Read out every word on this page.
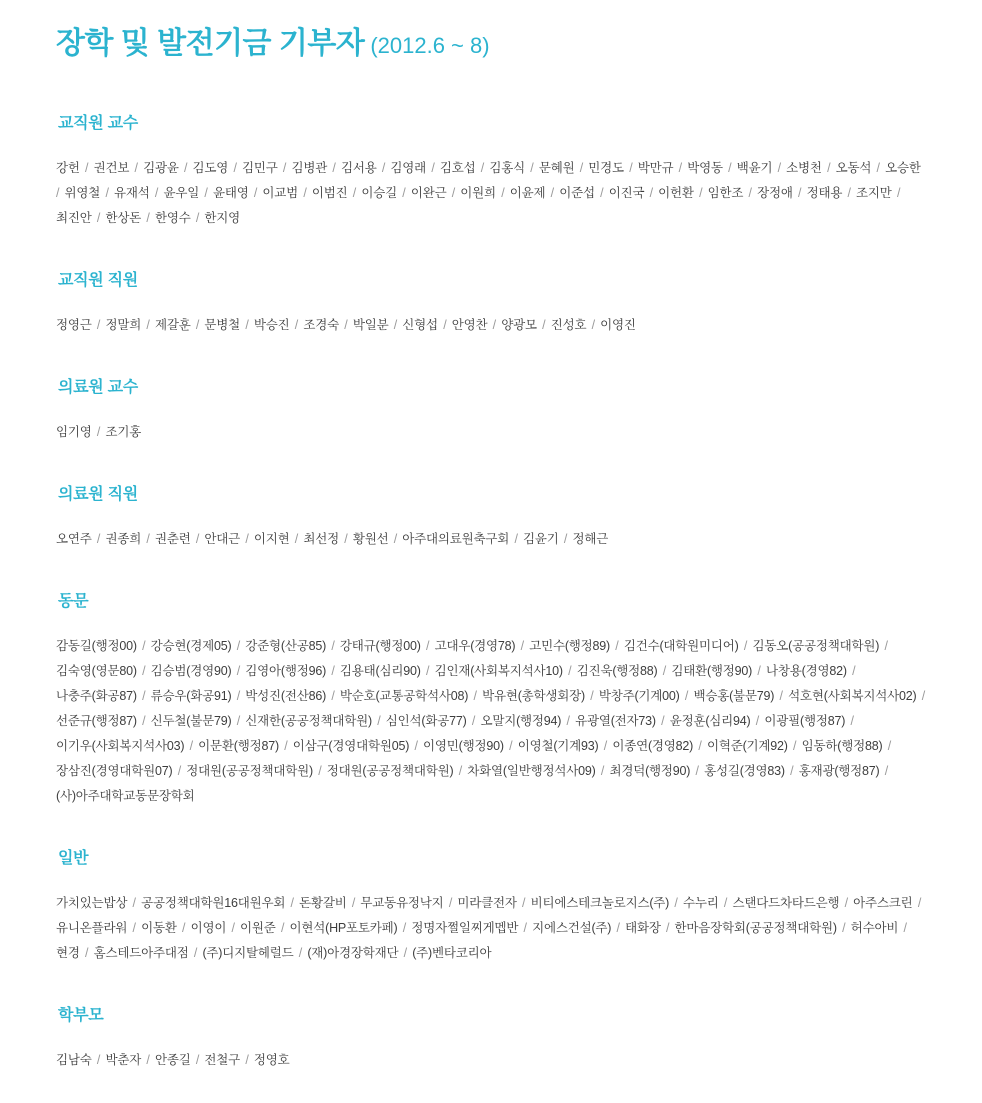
장학 및 발전기금 기부자 (2012.6 ~ 8)
교직원 교수
강헌 / 권건보 / 김광윤 / 김도영 / 김민구 / 김병관 / 김서용 / 김영래 / 김호섭 / 김홍식 / 문혜원 / 민경도 / 박만규 / 박영동 / 백윤기 / 소병천 / 오동석 / 오승한 / 위영철 / 유재석 / 윤우일 / 윤태영 / 이교범 / 이범진 / 이승길 / 이완근 / 이원희 / 이윤제 / 이준섭 / 이진국 / 이헌환 / 임한조 / 장정애 / 정태용 / 조지만 / 최진안 / 한상돈 / 한영수 / 한지영
교직원 직원
정영근 / 정말희 / 제갈훈 / 문병철 / 박승진 / 조경숙 / 박일분 / 신형섭 / 안영찬 / 양광모 / 진성호 / 이영진
의료원 교수
임기영 / 조기홍
의료원 직원
오연주 / 권종희 / 권춘련 / 안대근 / 이지현 / 최선정 / 황원선 / 아주대의료원축구회 / 김윤기 / 정해근
동문
감동길(행정00) / 강승현(경제05) / 강준형(산공85) / 강태규(행정00) / 고대우(경영78) / 고민수(행정89) / 김건수(대학원미디어) / 김동오(공공정책대학원) / 김숙영(영문80) / 김승범(경영90) / 김영아(행정96) / 김용태(심리90) / 김인재(사회복지석사10) / 김진욱(행정88) / 김태환(행정90) / 나창용(경영82) / 나충주(화공87) / 류승우(화공91) / 박성진(전산86) / 박순호(교통공학석사08) / 박유현(총학생회장) / 박창주(기계00) / 백승홍(불문79) / 석호현(사회복지석사02) / 선준규(행정87) / 신두철(불문79) / 신재한(공공정책대학원) / 심인석(화공77) / 오말지(행정94) / 유광열(전자73) / 윤정훈(심리94) / 이광필(행정87) / 이기우(사회복지석사03) / 이문환(행정87) / 이삼구(경영대학원05) / 이영민(행정90) / 이영철(기계93) / 이종연(경영82) / 이혁준(기계92) / 임동하(행정88) / 장삼진(경영대학원07) / 정대원(공공정책대학원) / 정대원(공공정책대학원) / 차화열(일반행정석사09) / 최경덕(행정90) / 홍성길(경영83) / 홍재광(행정87) / (사)아주대학교동문장학회
일반
가치있는밥상 / 공공정책대학원16대원우회 / 돈황갈비 / 무교동유정낙지 / 미라클전자 / 비티에스테크놀로지스(주) / 수누리 / 스탠다드차타드은행 / 아주스크린 / 유니온플라워 / 이동환 / 이영이 / 이원준 / 이현석(HP포토카페) / 정명자쩔일찌게멥반 / 지에스건설(주) / 태화장 / 한마음장학회(공공정책대학원) / 허수아비 / 현경 / 홈스테드아주대점 / (주)디지탈헤럴드 / (재)아경장학재단 / (주)벤타코리아
학부모
김남숙 / 박춘자 / 안종길 / 전철구 / 정영호
